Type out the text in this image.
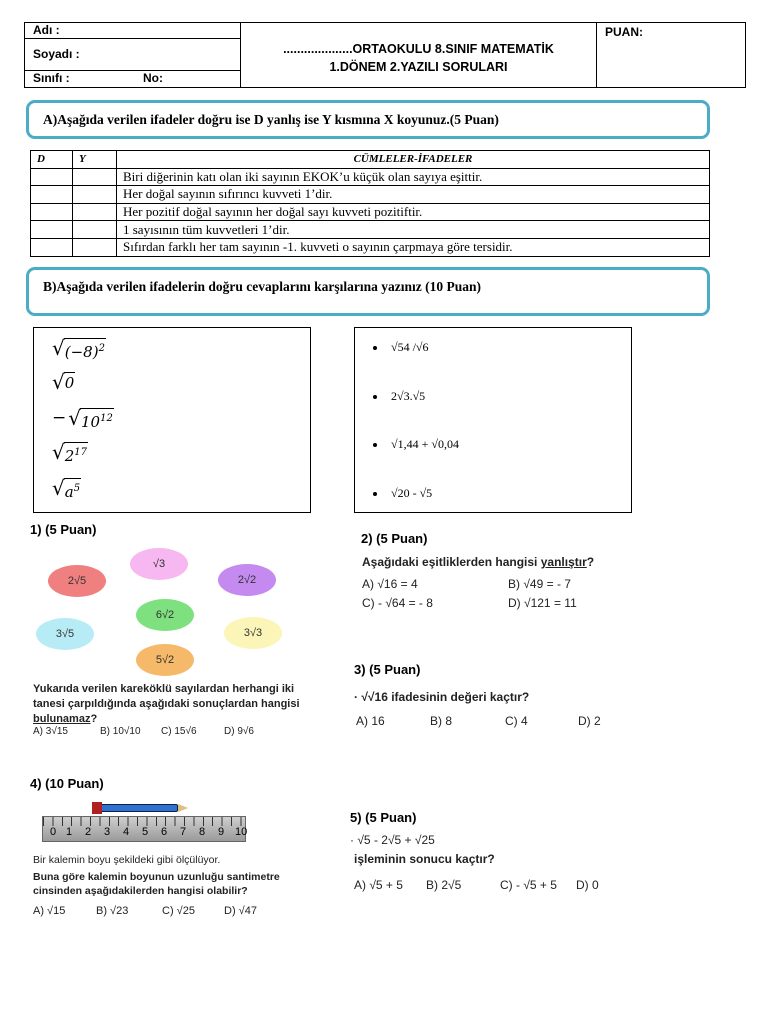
Adı :
Soyadı :
Sınıfı :	No:
....................ORTAOKULU 8.SINIF MATEMATİK
1.DÖNEM 2.YAZILI SORULARI
PUAN:
A)Aşağıda verilen ifadeler doğru ise D yanlış ise Y kısmına X koyunuz.(5 Puan)
D	Y	CÜMLELER-İFADELER
		Biri diğerinin katı olan iki sayının EKOK’u küçük olan sayıya eşittir.
		Her doğal sayının sıfırıncı kuvveti 1’dir.
		Her pozitif doğal sayının her doğal sayı kuvveti pozitiftir.
		1 sayısının tüm kuvvetleri 1’dir.
		Sıfırdan farklı her tam sayının -1. kuvveti o sayının çarpmaya göre tersidir.
B)Aşağıda verilen ifadelerin doğru cevaplarını karşılarına yazınız (10 Puan)
√ $(-8)^2$
√ 0
− √ $10^{12}$
√ $2^{17}$
√ $a^5$
√54 /√6
2√3.√5
√1,44 + √0,04
√20 - √5
1) (5 Puan)
2√5
√3
2√2
6√2
3√5	3√3
5√2
Yukarıda verilen kareköklü sayılardan herhangi iki
tanesi çarpıldığında aşağıdaki sonuçlardan hangisi
bulunamaz?
A) 3√15	B) 10√10 C) 15√6	D) 9√6
2) (5 Puan)
Aşağıdaki eşitliklerden hangisi yanlıştır?
A) √16 = 4	B) √49 = - 7
C) - √64 = - 8	D) √121 = 11
3) (5 Puan)
· √√16 ifadesinin değeri kaçtır?
A) 16	B) 8	C) 4	D) 2
4) (10 Puan)
0 1 2 3 4 5 6 7 8 9 10
Bir kalemin boyu şekildeki gibi ölçülüyor.
Buna göre kalemin boyunun uzunluğu santimetre
cinsinden aşağıdakilerden hangisi olabilir?
A) √15	B) √23	C) √25	D) √47
5) (5 Puan)
· √5 - 2√5 + √25
işleminin sonucu kaçtır?
A) √5 + 5 B) 2√5	C) - √5 + 5 D) 0
